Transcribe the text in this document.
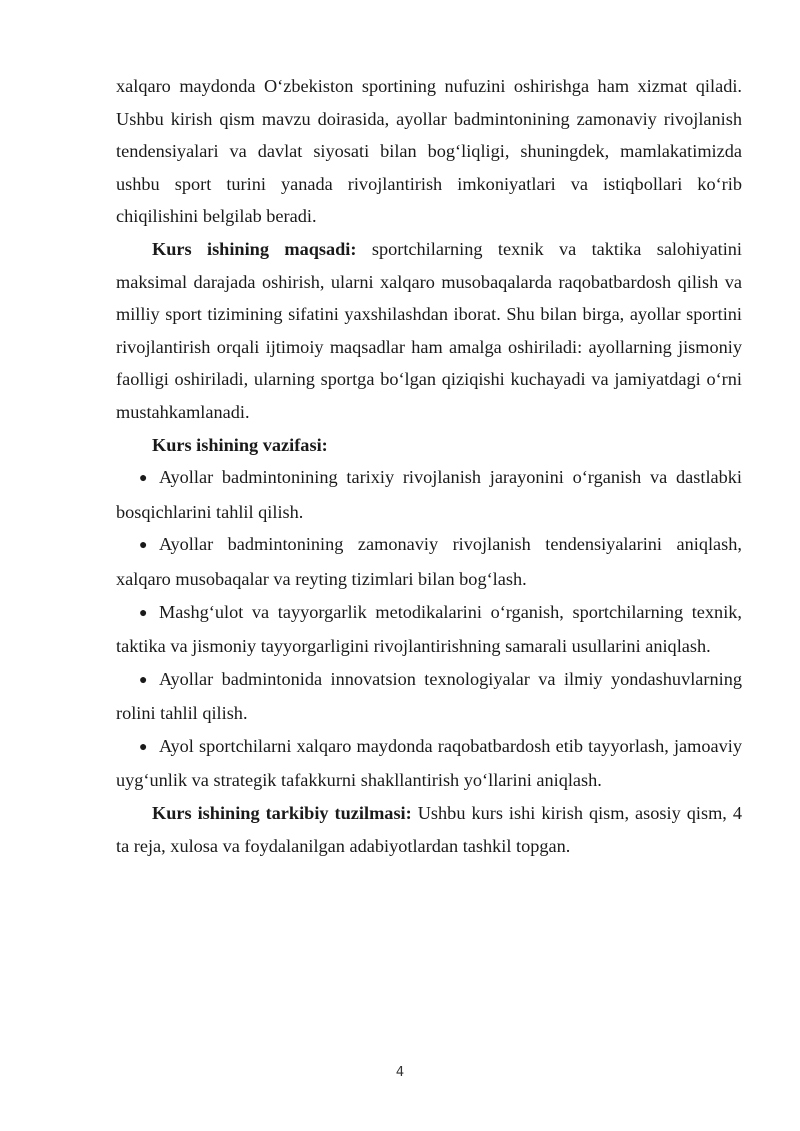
xalqaro maydonda O‘zbekiston sportining nufuzini oshirishga ham xizmat qiladi. Ushbu kirish qism mavzu doirasida, ayollar badmintonining zamonaviy rivojlanish tendensiyalari va davlat siyosati bilan bog‘liqligi, shuningdek, mamlakatimizda ushbu sport turini yanada rivojlantirish imkoniyatlari va istiqbollari ko‘rib chiqilishini belgilab beradi.

Kurs ishining maqsadi: sportchilarning texnik va taktika salohiyatini maksimal darajada oshirish, ularni xalqaro musobaqalarda raqobatbardosh qilish va milliy sport tizimining sifatini yaxshilashdan iborat. Shu bilan birga, ayollar sportini rivojlantirish orqali ijtimoiy maqsadlar ham amalga oshiriladi: ayollarning jismoniy faolligi oshiriladi, ularning sportga bo‘lgan qiziqishi kuchayadi va jamiyatdagi o‘rni mustahkamlanadi.

Kurs ishining vazifasi:

● Ayollar badmintonining tarixiy rivojlanish jarayonini o‘rganish va dastlabki bosqichlarini tahlil qilish.

● Ayollar badmintonining zamonaviy rivojlanish tendensiyalarini aniqlash, xalqaro musobaqalar va reyting tizimlari bilan bog‘lash.

● Mashg‘ulot va tayyorgarlik metodikalarini o‘rganish, sportchilarning texnik, taktika va jismoniy tayyorgarligini rivojlantirishning samarali usullarini aniqlash.

● Ayollar badmintonida innovatsion texnologiyalar va ilmiy yondashuvlarning rolini tahlil qilish.

● Ayol sportchilarni xalqaro maydonda raqobatbardosh etib tayyorlash, jamoaviy uyg‘unlik va strategik tafakkurni shakllantirish yo‘llarini aniqlash.

Kurs ishining tarkibiy tuzilmasi: Ushbu kurs ishi kirish qism, asosiy qism, 4 ta reja, xulosa va foydalanilgan adabiyotlardan tashkil topgan.

4
